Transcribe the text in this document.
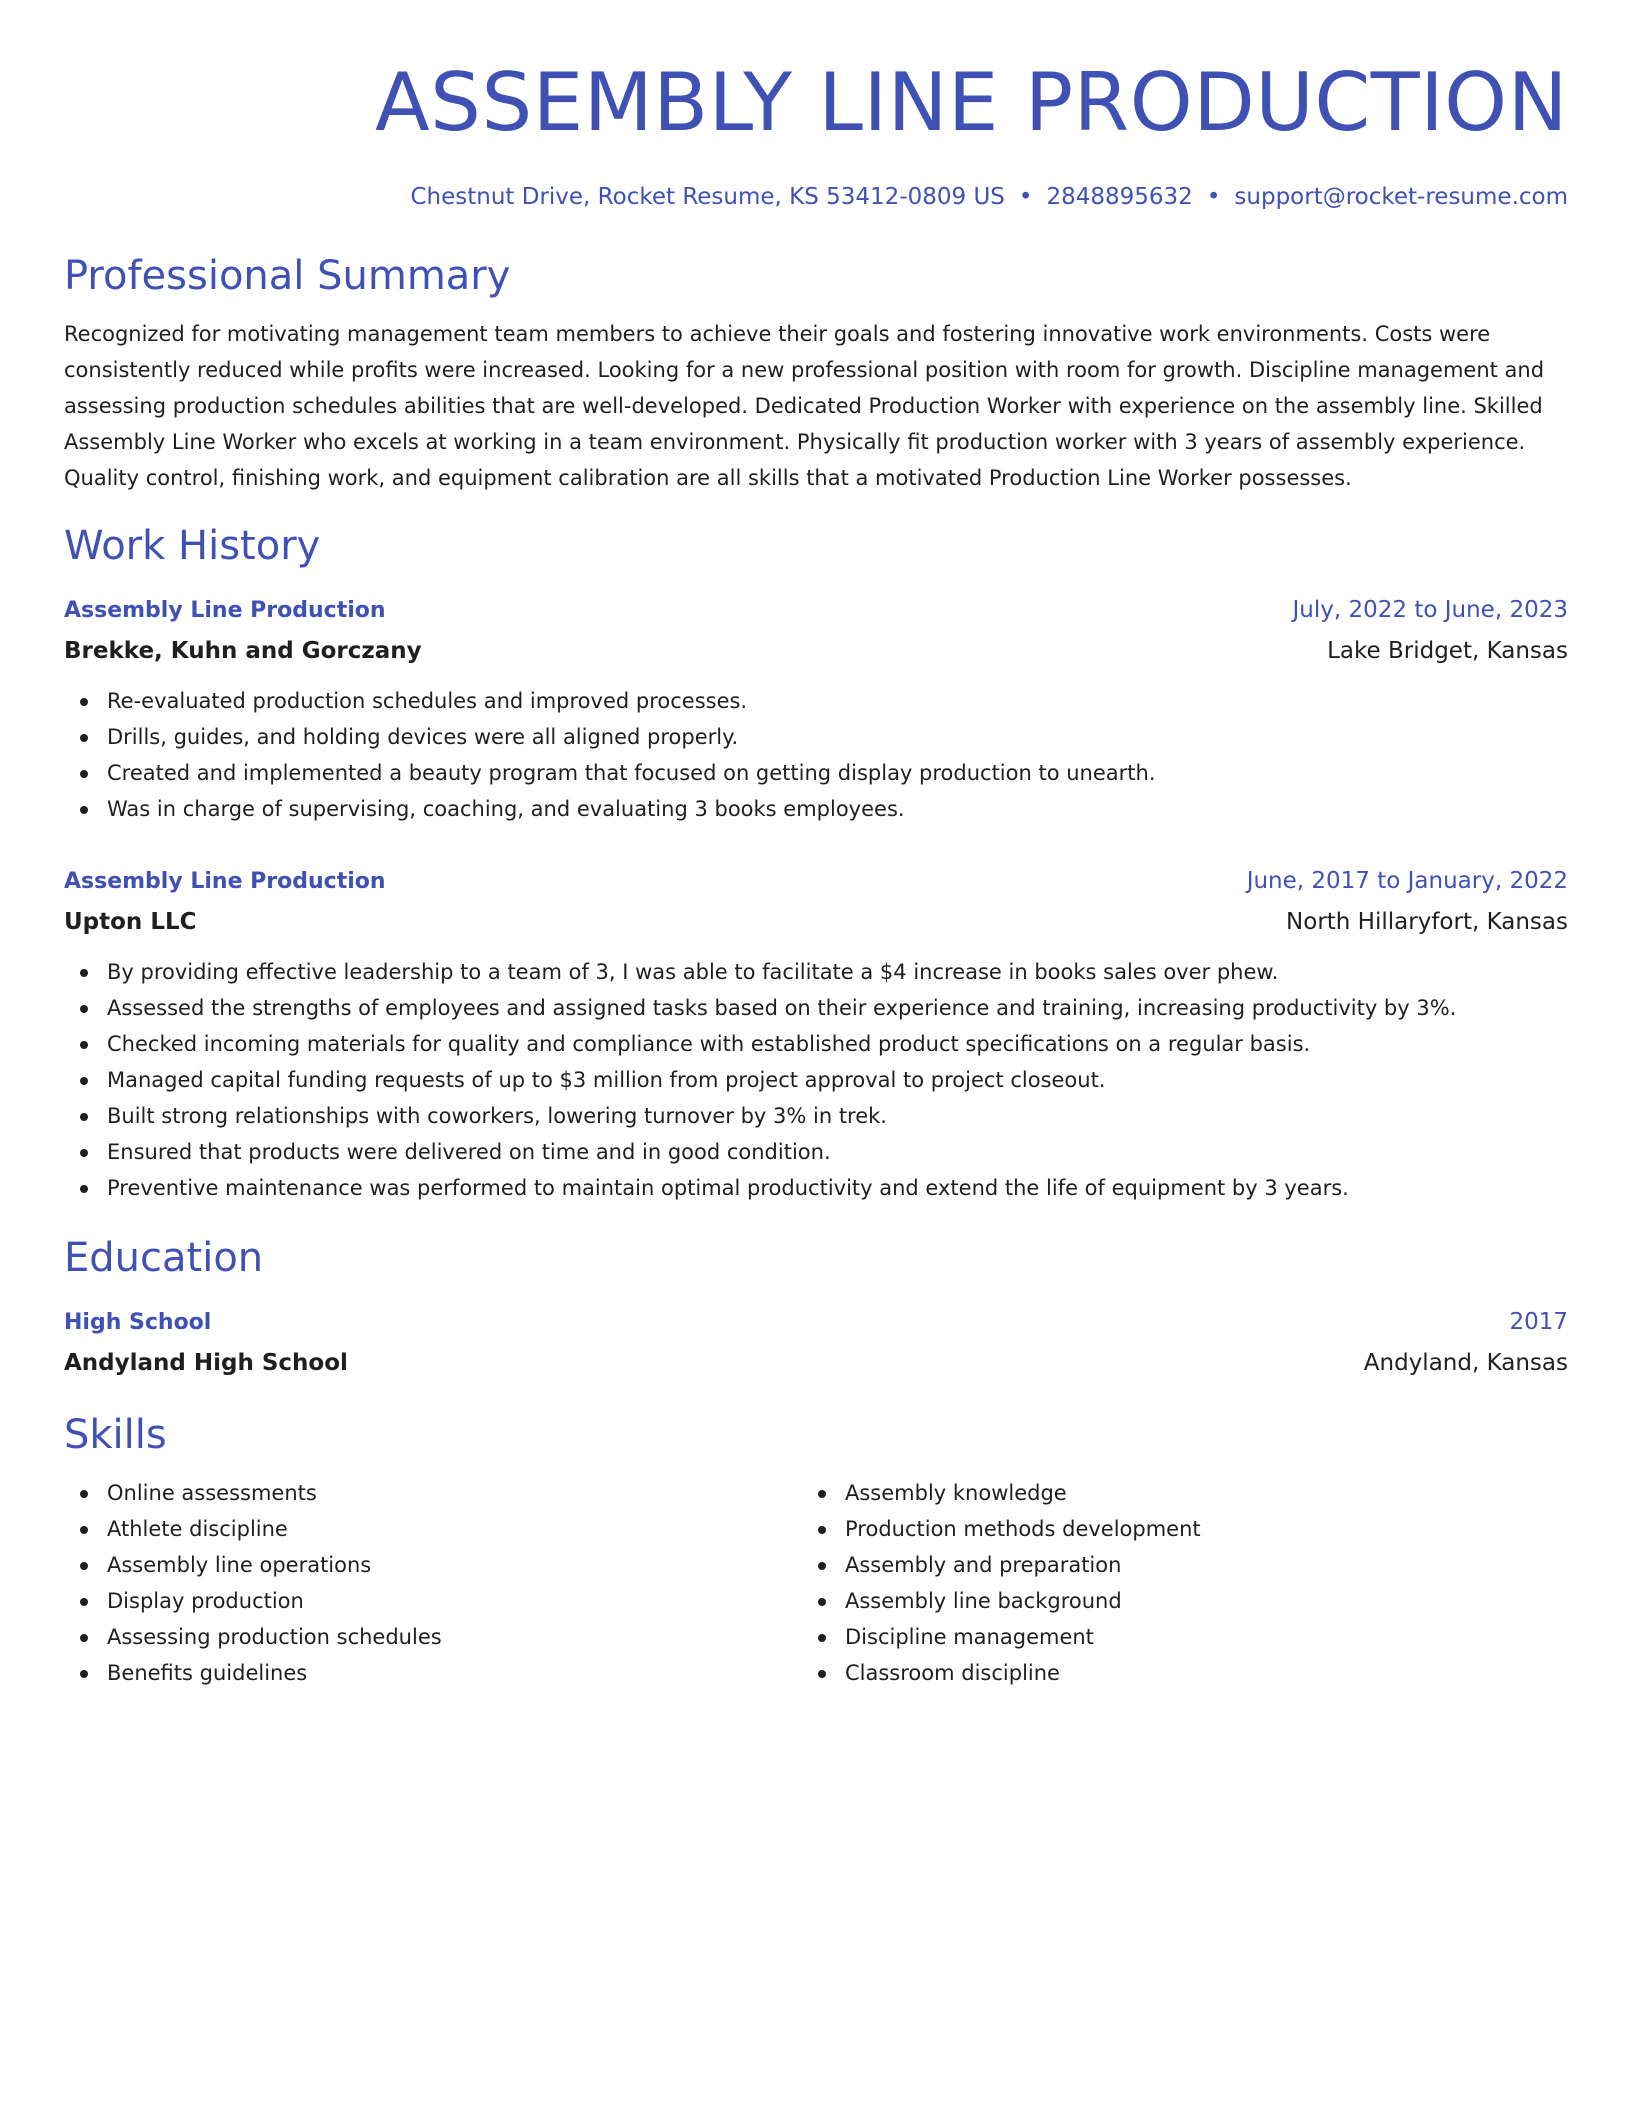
ASSEMBLY LINE PRODUCTION
Chestnut Drive, Rocket Resume, KS 53412-0809 US • 2848895632 • support@rocket-resume.com
Professional Summary
Recognized for motivating management team members to achieve their goals and fostering innovative work environments. Costs were consistently reduced while profits were increased. Looking for a new professional position with room for growth. Discipline management and assessing production schedules abilities that are well-developed. Dedicated Production Worker with experience on the assembly line. Skilled Assembly Line Worker who excels at working in a team environment. Physically fit production worker with 3 years of assembly experience. Quality control, finishing work, and equipment calibration are all skills that a motivated Production Line Worker possesses.
Work History
Assembly Line Production	July, 2022 to June, 2023
Brekke, Kuhn and Gorczany	Lake Bridget, Kansas
Re-evaluated production schedules and improved processes.
Drills, guides, and holding devices were all aligned properly.
Created and implemented a beauty program that focused on getting display production to unearth.
Was in charge of supervising, coaching, and evaluating 3 books employees.
Assembly Line Production	June, 2017 to January, 2022
Upton LLC	North Hillaryfort, Kansas
By providing effective leadership to a team of 3, I was able to facilitate a $4 increase in books sales over phew.
Assessed the strengths of employees and assigned tasks based on their experience and training, increasing productivity by 3%.
Checked incoming materials for quality and compliance with established product specifications on a regular basis.
Managed capital funding requests of up to $3 million from project approval to project closeout.
Built strong relationships with coworkers, lowering turnover by 3% in trek.
Ensured that products were delivered on time and in good condition.
Preventive maintenance was performed to maintain optimal productivity and extend the life of equipment by 3 years.
Education
High School	2017
Andyland High School	Andyland, Kansas
Skills
Online assessments
Athlete discipline
Assembly line operations
Display production
Assessing production schedules
Benefits guidelines
Assembly knowledge
Production methods development
Assembly and preparation
Assembly line background
Discipline management
Classroom discipline
